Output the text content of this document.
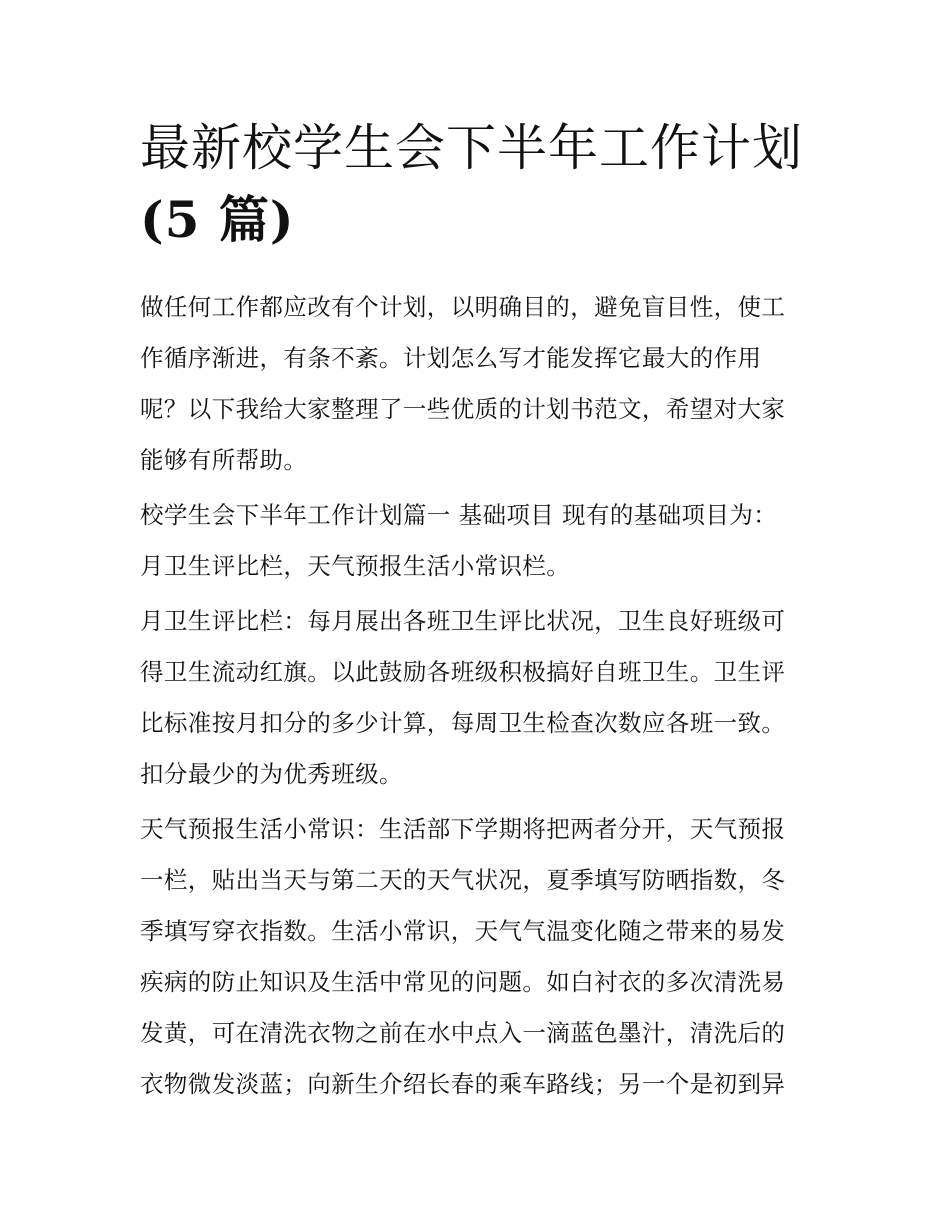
最新校学生会下半年工作计划
(5 篇)

做任何工作都应改有个计划，以明确目的，避免盲目性，使工
作循序渐进，有条不紊。计划怎么写才能发挥它最大的作用
呢？以下我给大家整理了一些优质的计划书范文，希望对大家
能够有所帮助。

校学生会下半年工作计划篇一 基础项目 现有的基础项目为：
月卫生评比栏，天气预报生活小常识栏。

月卫生评比栏：每月展出各班卫生评比状况，卫生良好班级可
得卫生流动红旗。以此鼓励各班级积极搞好自班卫生。卫生评
比标准按月扣分的多少计算，每周卫生检查次数应各班一致。
扣分最少的为优秀班级。

天气预报生活小常识：生活部下学期将把两者分开，天气预报
一栏，贴出当天与第二天的天气状况，夏季填写防晒指数，冬
季填写穿衣指数。生活小常识，天气气温变化随之带来的易发
疾病的防止知识及生活中常见的问题。如白衬衣的多次清洗易
发黄，可在清洗衣物之前在水中点入一滴蓝色墨汁，清洗后的
衣物微发淡蓝；向新生介绍长春的乘车路线；另一个是初到异
